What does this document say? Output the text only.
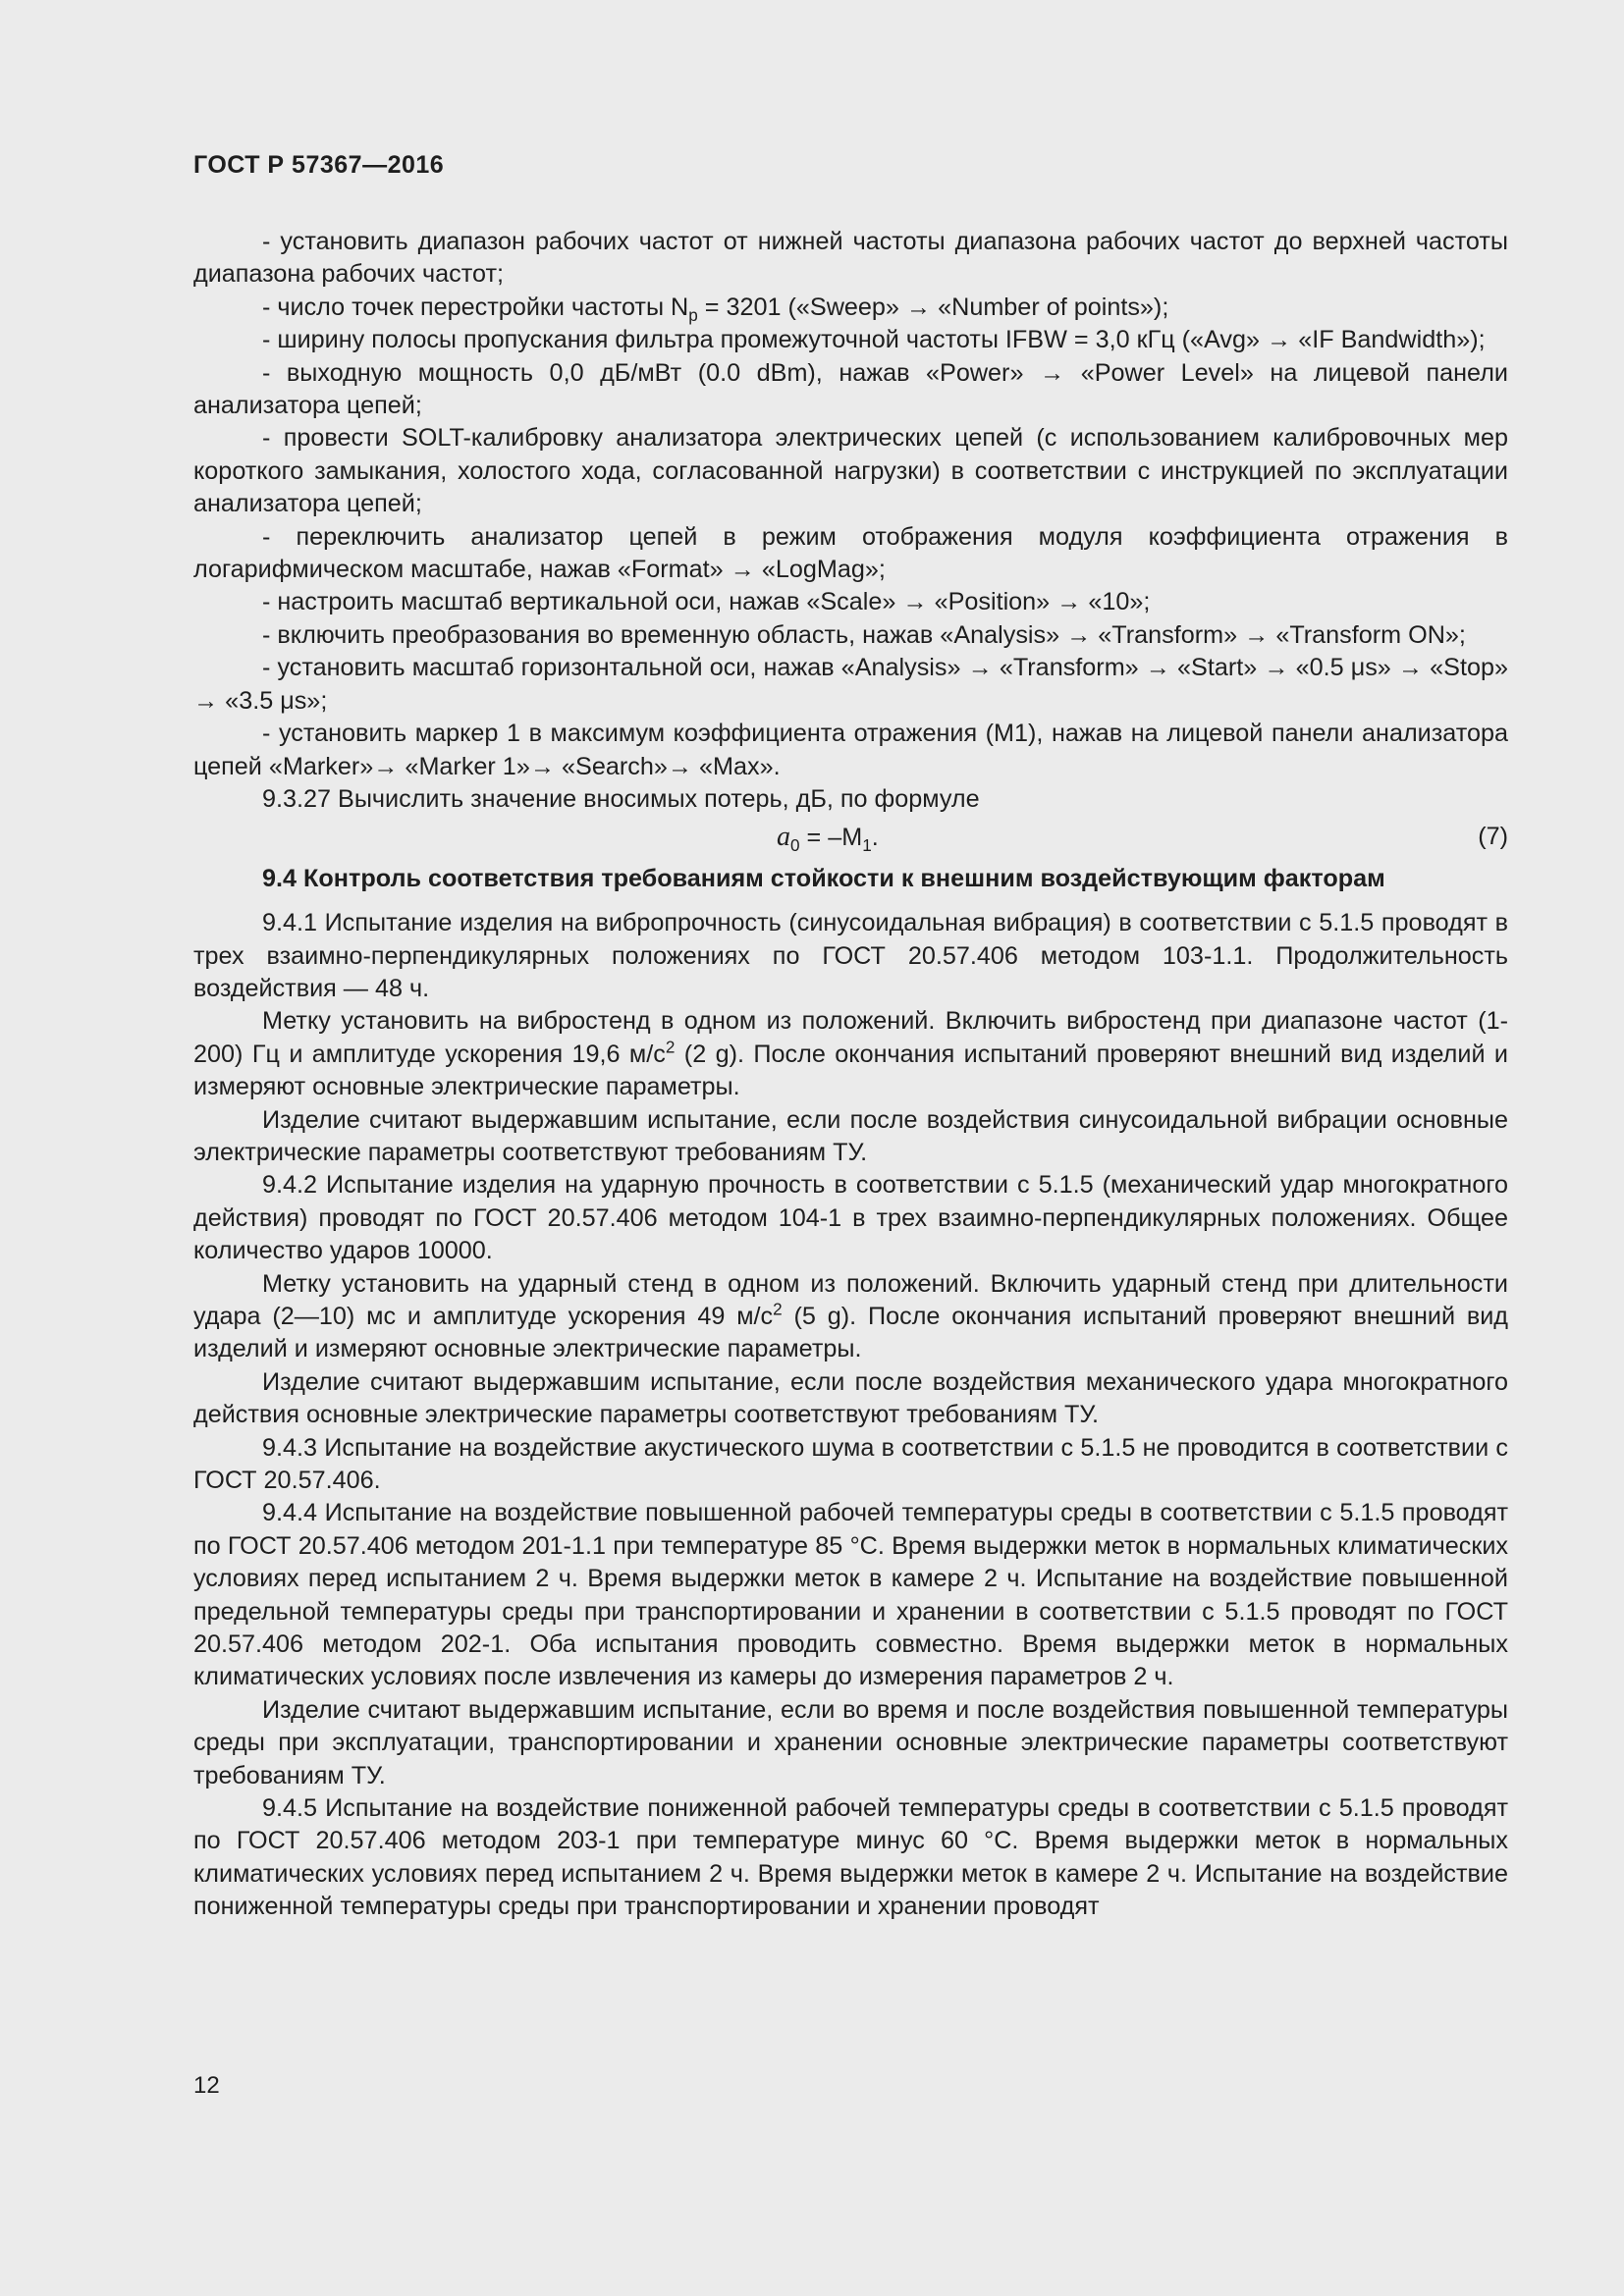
ГОСТ Р 57367—2016

- установить диапазон рабочих частот от нижней частоты диапазона рабочих частот до верхней частоты диапазона рабочих частот;

- число точек перестройки частоты $N_p = 3201$ («Sweep» → «Number of points»);

- ширину полосы пропускания фильтра промежуточной частоты IFBW = 3,0 кГц («Avg» → «IF Bandwidth»);

- выходную мощность 0,0 дБ/мВт (0.0 dBm), нажав «Power» → «Power Level» на лицевой панели анализатора цепей;

- провести SOLT-калибровку анализатора электрических цепей (с использованием калибровочных мер короткого замыкания, холостого хода, согласованной нагрузки) в соответствии с инструкцией по эксплуатации анализатора цепей;

- переключить анализатор цепей в режим отображения модуля коэффициента отражения в логарифмическом масштабе, нажав «Format» → «LogMag»;

- настроить масштаб вертикальной оси, нажав «Scale» → «Position» → «10»;

- включить преобразования во временную область, нажав «Analysis» → «Transform» → «Transform ON»;

- установить масштаб горизонтальной оси, нажав «Analysis» → «Transform» → «Start» → «0.5 μs» → «Stop» → «3.5 μs»;

- установить маркер 1 в максимум коэффициента отражения (M1), нажав на лицевой панели анализатора цепей «Marker»→ «Marker 1»→ «Search»→ «Max».

9.3.27 Вычислить значение вносимых потерь, дБ, по формуле

$a_0 = -M_1$.	(7)
9.4 Контроль соответствия требованиям стойкости к внешним воздействующим факторам

9.4.1 Испытание изделия на вибропрочность (синусоидальная вибрация) в соответствии с 5.1.5 проводят в трех взаимно-перпендикулярных положениях по ГОСТ 20.57.406 методом 103-1.1. Продолжительность воздействия — 48 ч.

Метку установить на вибростенд в одном из положений. Включить вибростенд при диапазоне частот (1-200) Гц и амплитуде ускорения 19,6 $м/с^2$ (2 g). После окончания испытаний проверяют внешний вид изделий и измеряют основные электрические параметры.

Изделие считают выдержавшим испытание, если после воздействия синусоидальной вибрации основные электрические параметры соответствуют требованиям ТУ.

9.4.2 Испытание изделия на ударную прочность в соответствии с 5.1.5 (механический удар многократного действия) проводят по ГОСТ 20.57.406 методом 104-1 в трех взаимно-перпендикулярных положениях. Общее количество ударов 10000.

Метку установить на ударный стенд в одном из положений. Включить ударный стенд при длительности удара (2—10) мс и амплитуде ускорения 49 $м/с^2$ (5 g). После окончания испытаний проверяют внешний вид изделий и измеряют основные электрические параметры.

Изделие считают выдержавшим испытание, если после воздействия механического удара многократного действия основные электрические параметры соответствуют требованиям ТУ.

9.4.3 Испытание на воздействие акустического шума в соответствии с 5.1.5 не проводится в соответствии с ГОСТ 20.57.406.

9.4.4 Испытание на воздействие повышенной рабочей температуры среды в соответствии с 5.1.5 проводят по ГОСТ 20.57.406 методом 201-1.1 при температуре 85 °С. Время выдержки меток в нормальных климатических условиях перед испытанием 2 ч. Время выдержки меток в камере 2 ч. Испытание на воздействие повышенной предельной температуры среды при транспортировании и хранении в соответствии с 5.1.5 проводят по ГОСТ 20.57.406 методом 202-1. Оба испытания проводить совместно. Время выдержки меток в нормальных климатических условиях после извлечения из камеры до измерения параметров 2 ч.

Изделие считают выдержавшим испытание, если во время и после воздействия повышенной температуры среды при эксплуатации, транспортировании и хранении основные электрические параметры соответствуют требованиям ТУ.

9.4.5 Испытание на воздействие пониженной рабочей температуры среды в соответствии с 5.1.5 проводят по ГОСТ 20.57.406 методом 203-1 при температуре минус 60 °С. Время выдержки меток в нормальных климатических условиях перед испытанием 2 ч. Время выдержки меток в камере 2 ч. Испытание на воздействие пониженной температуры среды при транспортировании и хранении проводят

12
